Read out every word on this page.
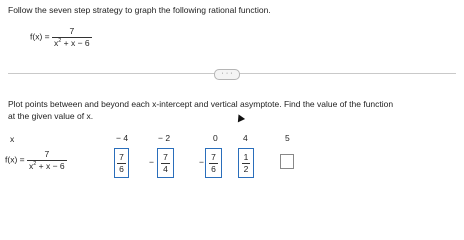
Follow the seven step strategy to graph the following rational function.
$f(x) = \frac{7}{x^2 + x - 6}$
· · ·
Plot points between and beyond each x-intercept and vertical asymptote. Find the value of the function
at the given value of x.
x	− 4	− 2	0	4	5
$f(x) = \frac{7}{x^2 + x - 6}$	$\frac{7}{6}$	− $\frac{7}{4}$	− $\frac{7}{6}$	$\frac{1}{2}$
